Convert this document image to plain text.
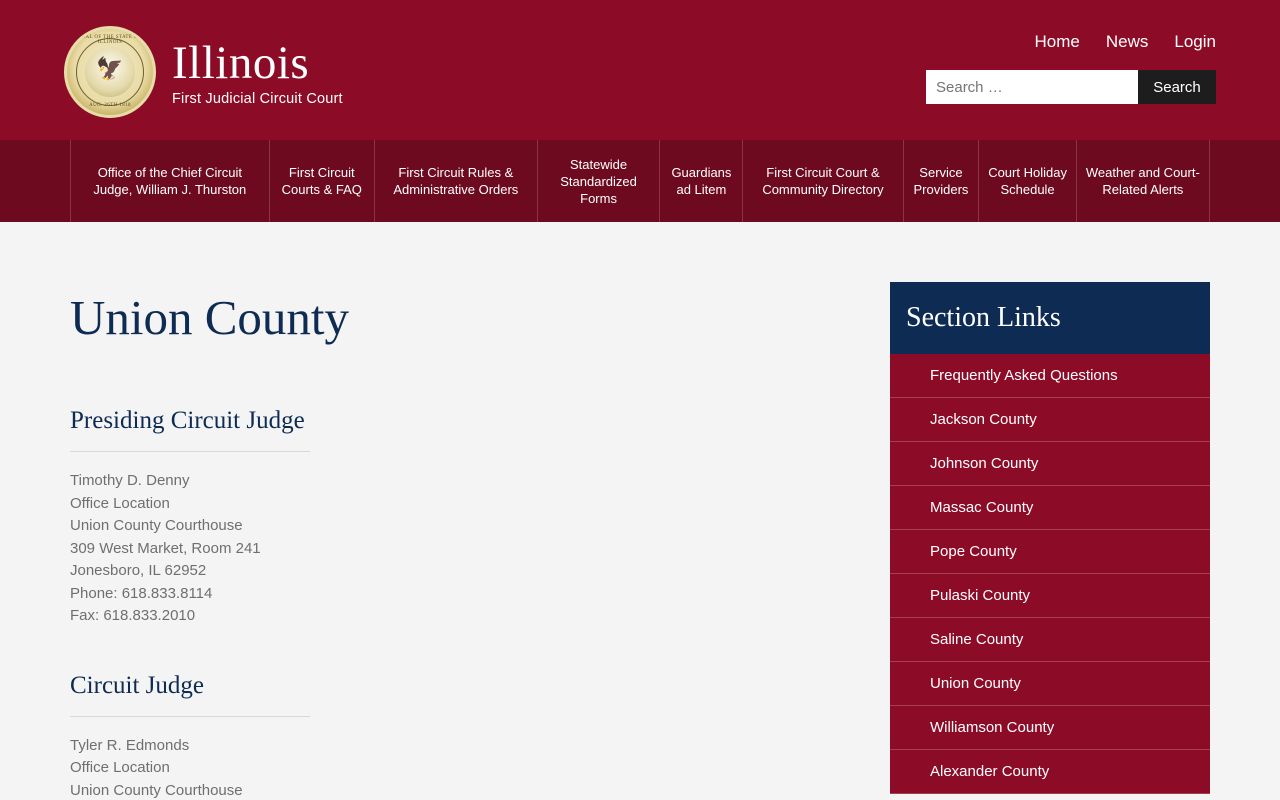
SEAL OF THE STATE OF ILLINOIS
🦅
AUG. 26TH 1818
Illinois
First Judicial Circuit Court
Home News Login
Search …
Search
Office of the Chief Circuit Judge, William J. Thurston
First Circuit Courts & FAQ
First Circuit Rules & Administrative Orders
Statewide Standardized Forms
Guardians ad Litem
First Circuit Court & Community Directory
Service Providers
Court Holiday Schedule
Weather and Court-Related Alerts
Union County
Presiding Circuit Judge
Timothy D. Denny
Office Location
Union County Courthouse
309 West Market, Room 241
Jonesboro, IL 62952
Phone: 618.833.8114
Fax: 618.833.2010
Circuit Judge
Tyler R. Edmonds
Office Location
Union County Courthouse
Section Links
Frequently Asked Questions
Jackson County
Johnson County
Massac County
Pope County
Pulaski County
Saline County
Union County
Williamson County
Alexander County
